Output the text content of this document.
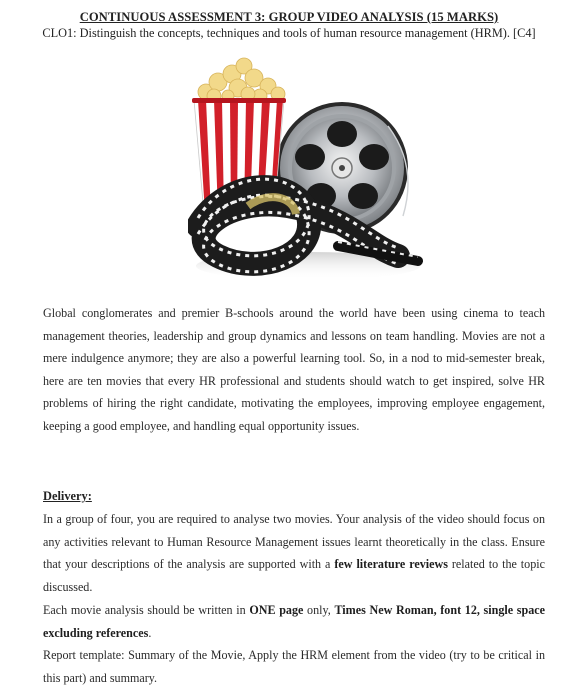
CONTINUOUS ASSESSMENT 3: GROUP VIDEO ANALYSIS (15 MARKS)
CLO1: Distinguish the concepts, techniques and tools of human resource management (HRM). [C4]

Global conglomerates and premier B-schools around the world have been using cinema to teach management theories, leadership and group dynamics and lessons on team handling. Movies are not a mere indulgence anymore; they are also a powerful learning tool. So, in a nod to mid-semester break, here are ten movies that every HR professional and students should watch to get inspired, solve HR problems of hiring the right candidate, motivating the employees, improving employee engagement, keeping a good employee, and handling equal opportunity issues.

Delivery:

In a group of four, you are required to analyse two movies. Your analysis of the video should focus on any activities relevant to Human Resource Management issues learnt theoretically in the class. Ensure that your descriptions of the analysis are supported with a few literature reviews related to the topic discussed.

Each movie analysis should be written in ONE page only, Times New Roman, font 12, single space excluding references.

Report template: Summary of the Movie, Apply the HRM element from the video (try to be critical in this part) and summary.
